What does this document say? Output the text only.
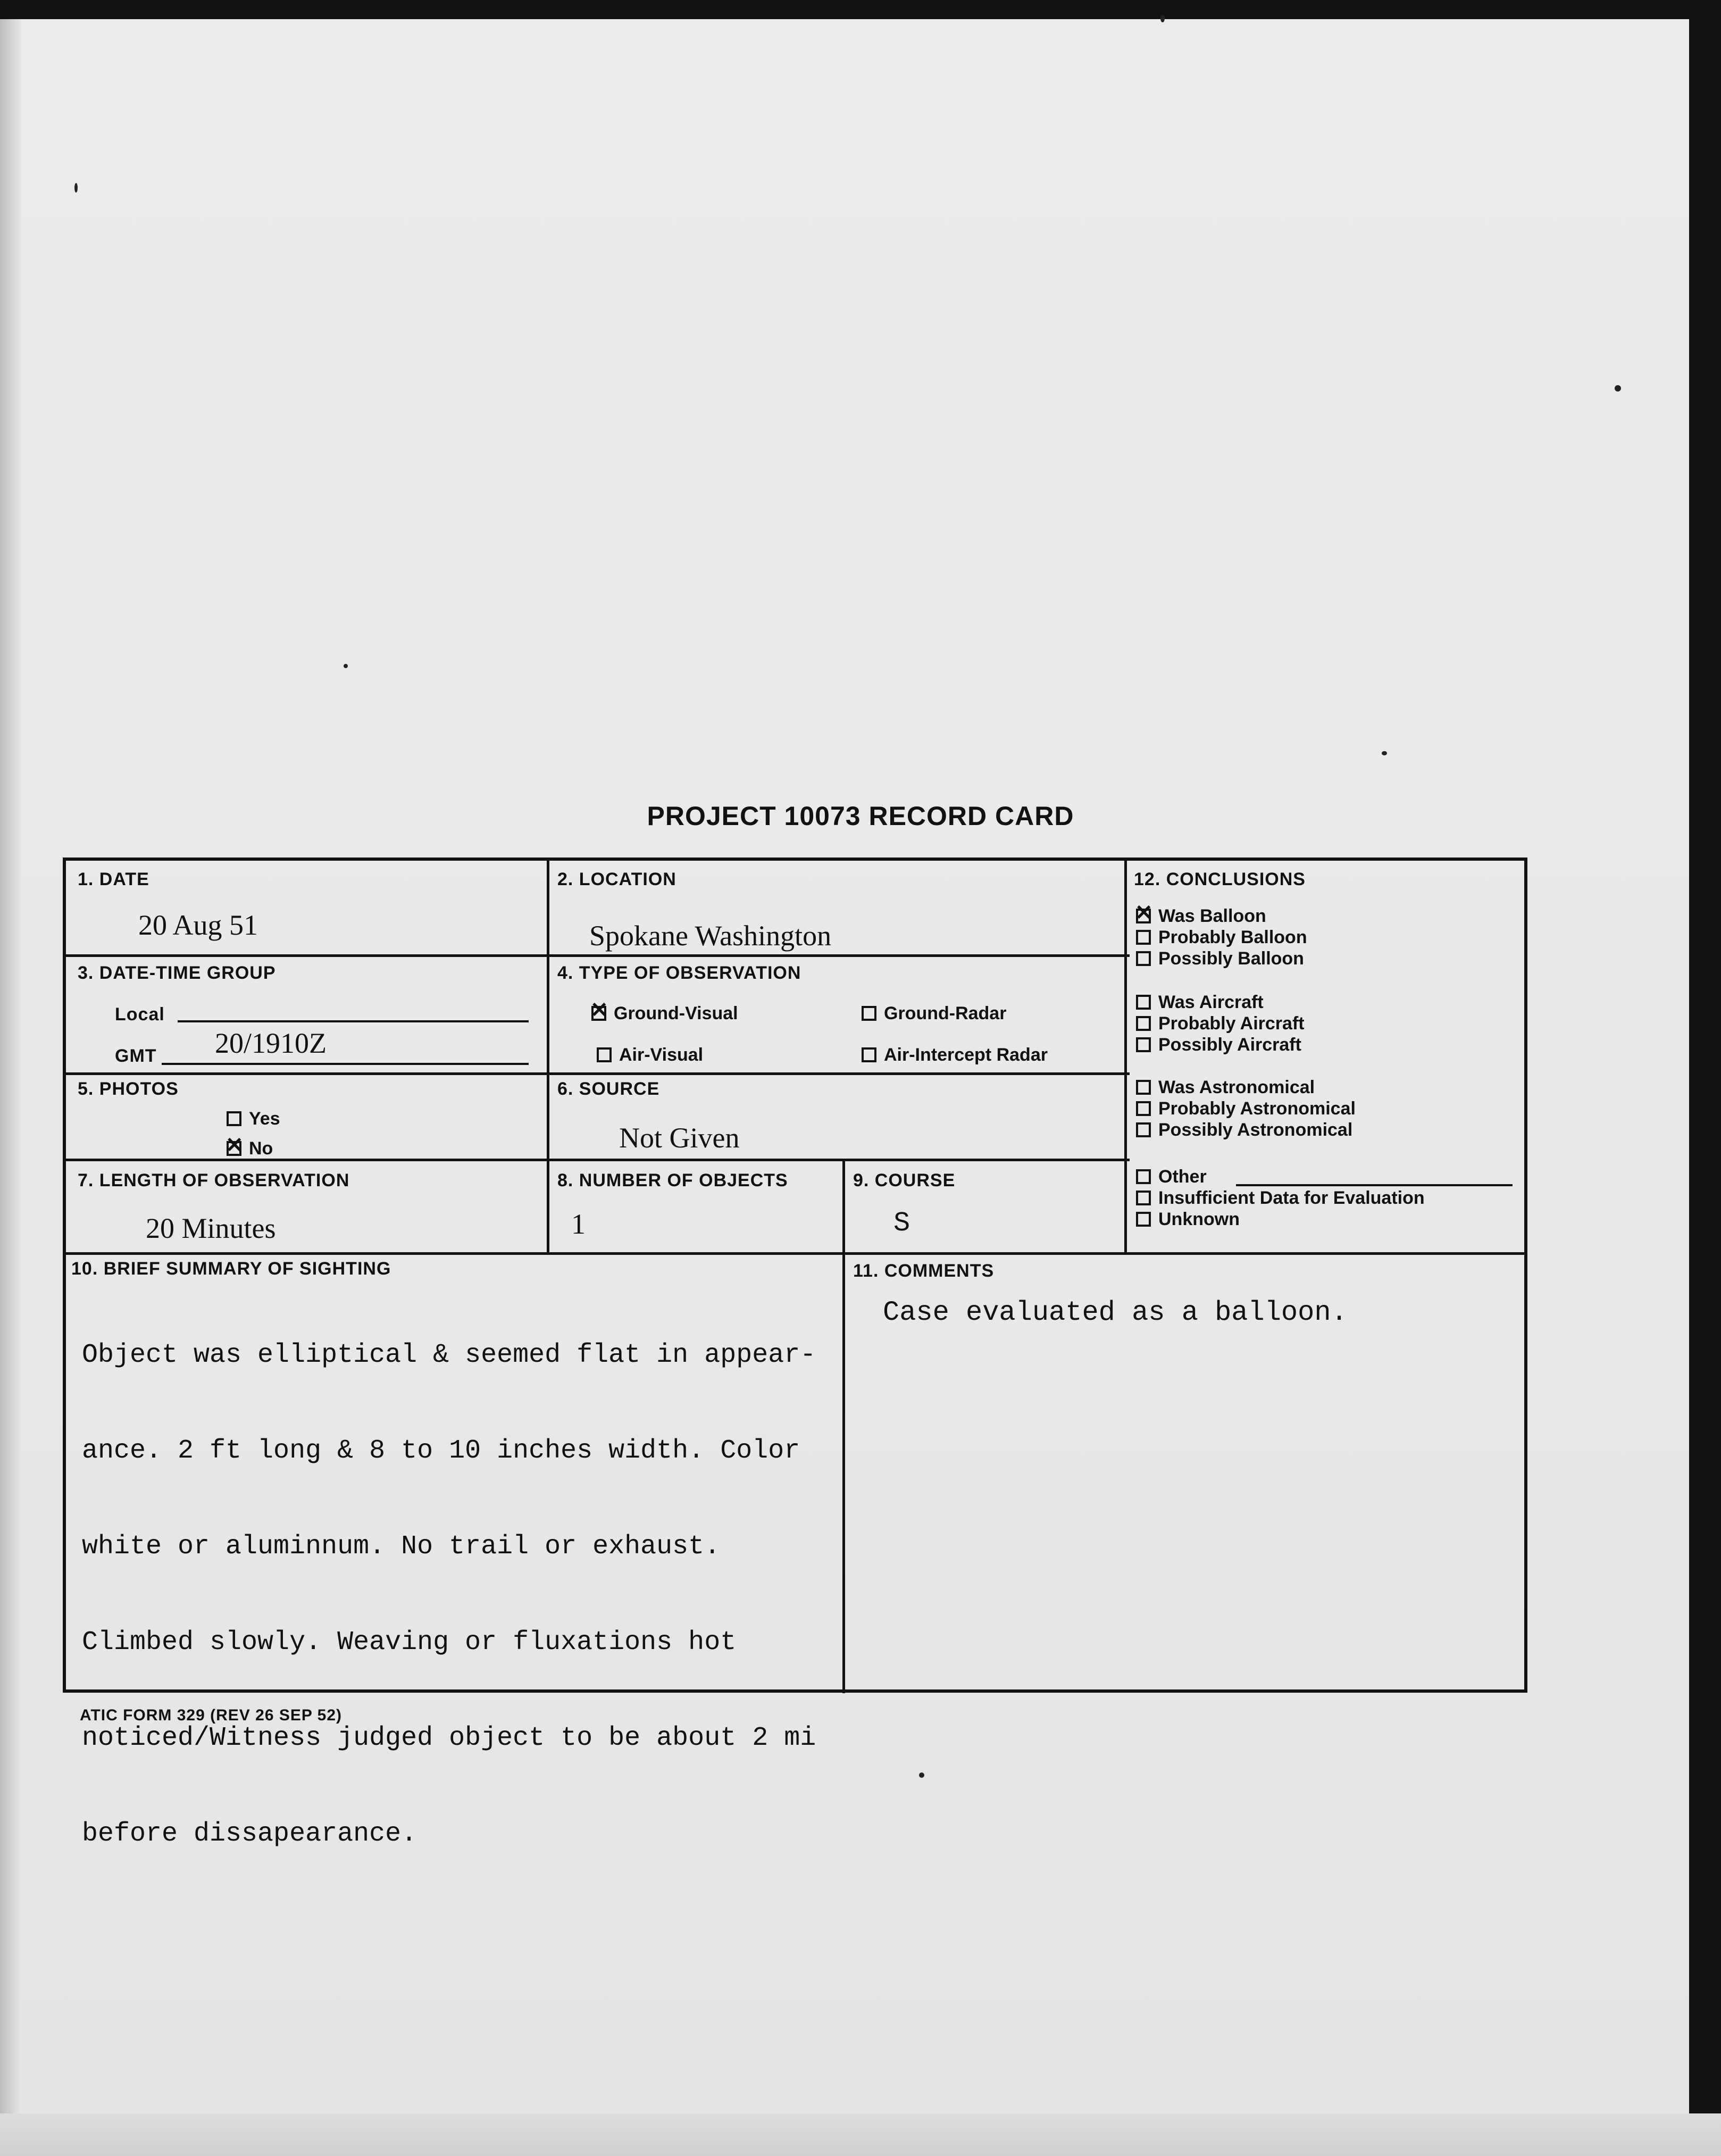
PROJECT 10073 RECORD CARD
1. DATE
20 Aug 51
2. LOCATION
Spokane Washington
3. DATE-TIME GROUP
Local
GMT 20/1910Z
4. TYPE OF OBSERVATION
✕Ground-Visual	Ground-Radar
Air-Visual	Air-Intercept Radar
5. PHOTOS
Yes
✕No
6. SOURCE
Not Given
7. LENGTH OF OBSERVATION
20 Minutes
8. NUMBER OF OBJECTS
1
9. COURSE
S
12. CONCLUSIONS
✕Was Balloon
Probably Balloon
Possibly Balloon
Was Aircraft
Probably Aircraft
Possibly Aircraft
Was Astronomical
Probably Astronomical
Possibly Astronomical
Other
Insufficient Data for Evaluation
Unknown
10. BRIEF SUMMARY OF SIGHTING

Object was elliptical & seemed flat in appear-

ance. 2 ft long & 8 to 10 inches width. Color

white or aluminnum. No trail or exhaust.

Climbed slowly. Weaving or fluxations hot

noticed/Witness judged object to be about 2 mi

before dissapearance.

11. COMMENTS
Case evaluated as a balloon.
ATIC FORM 329 (REV 26 SEP 52)
